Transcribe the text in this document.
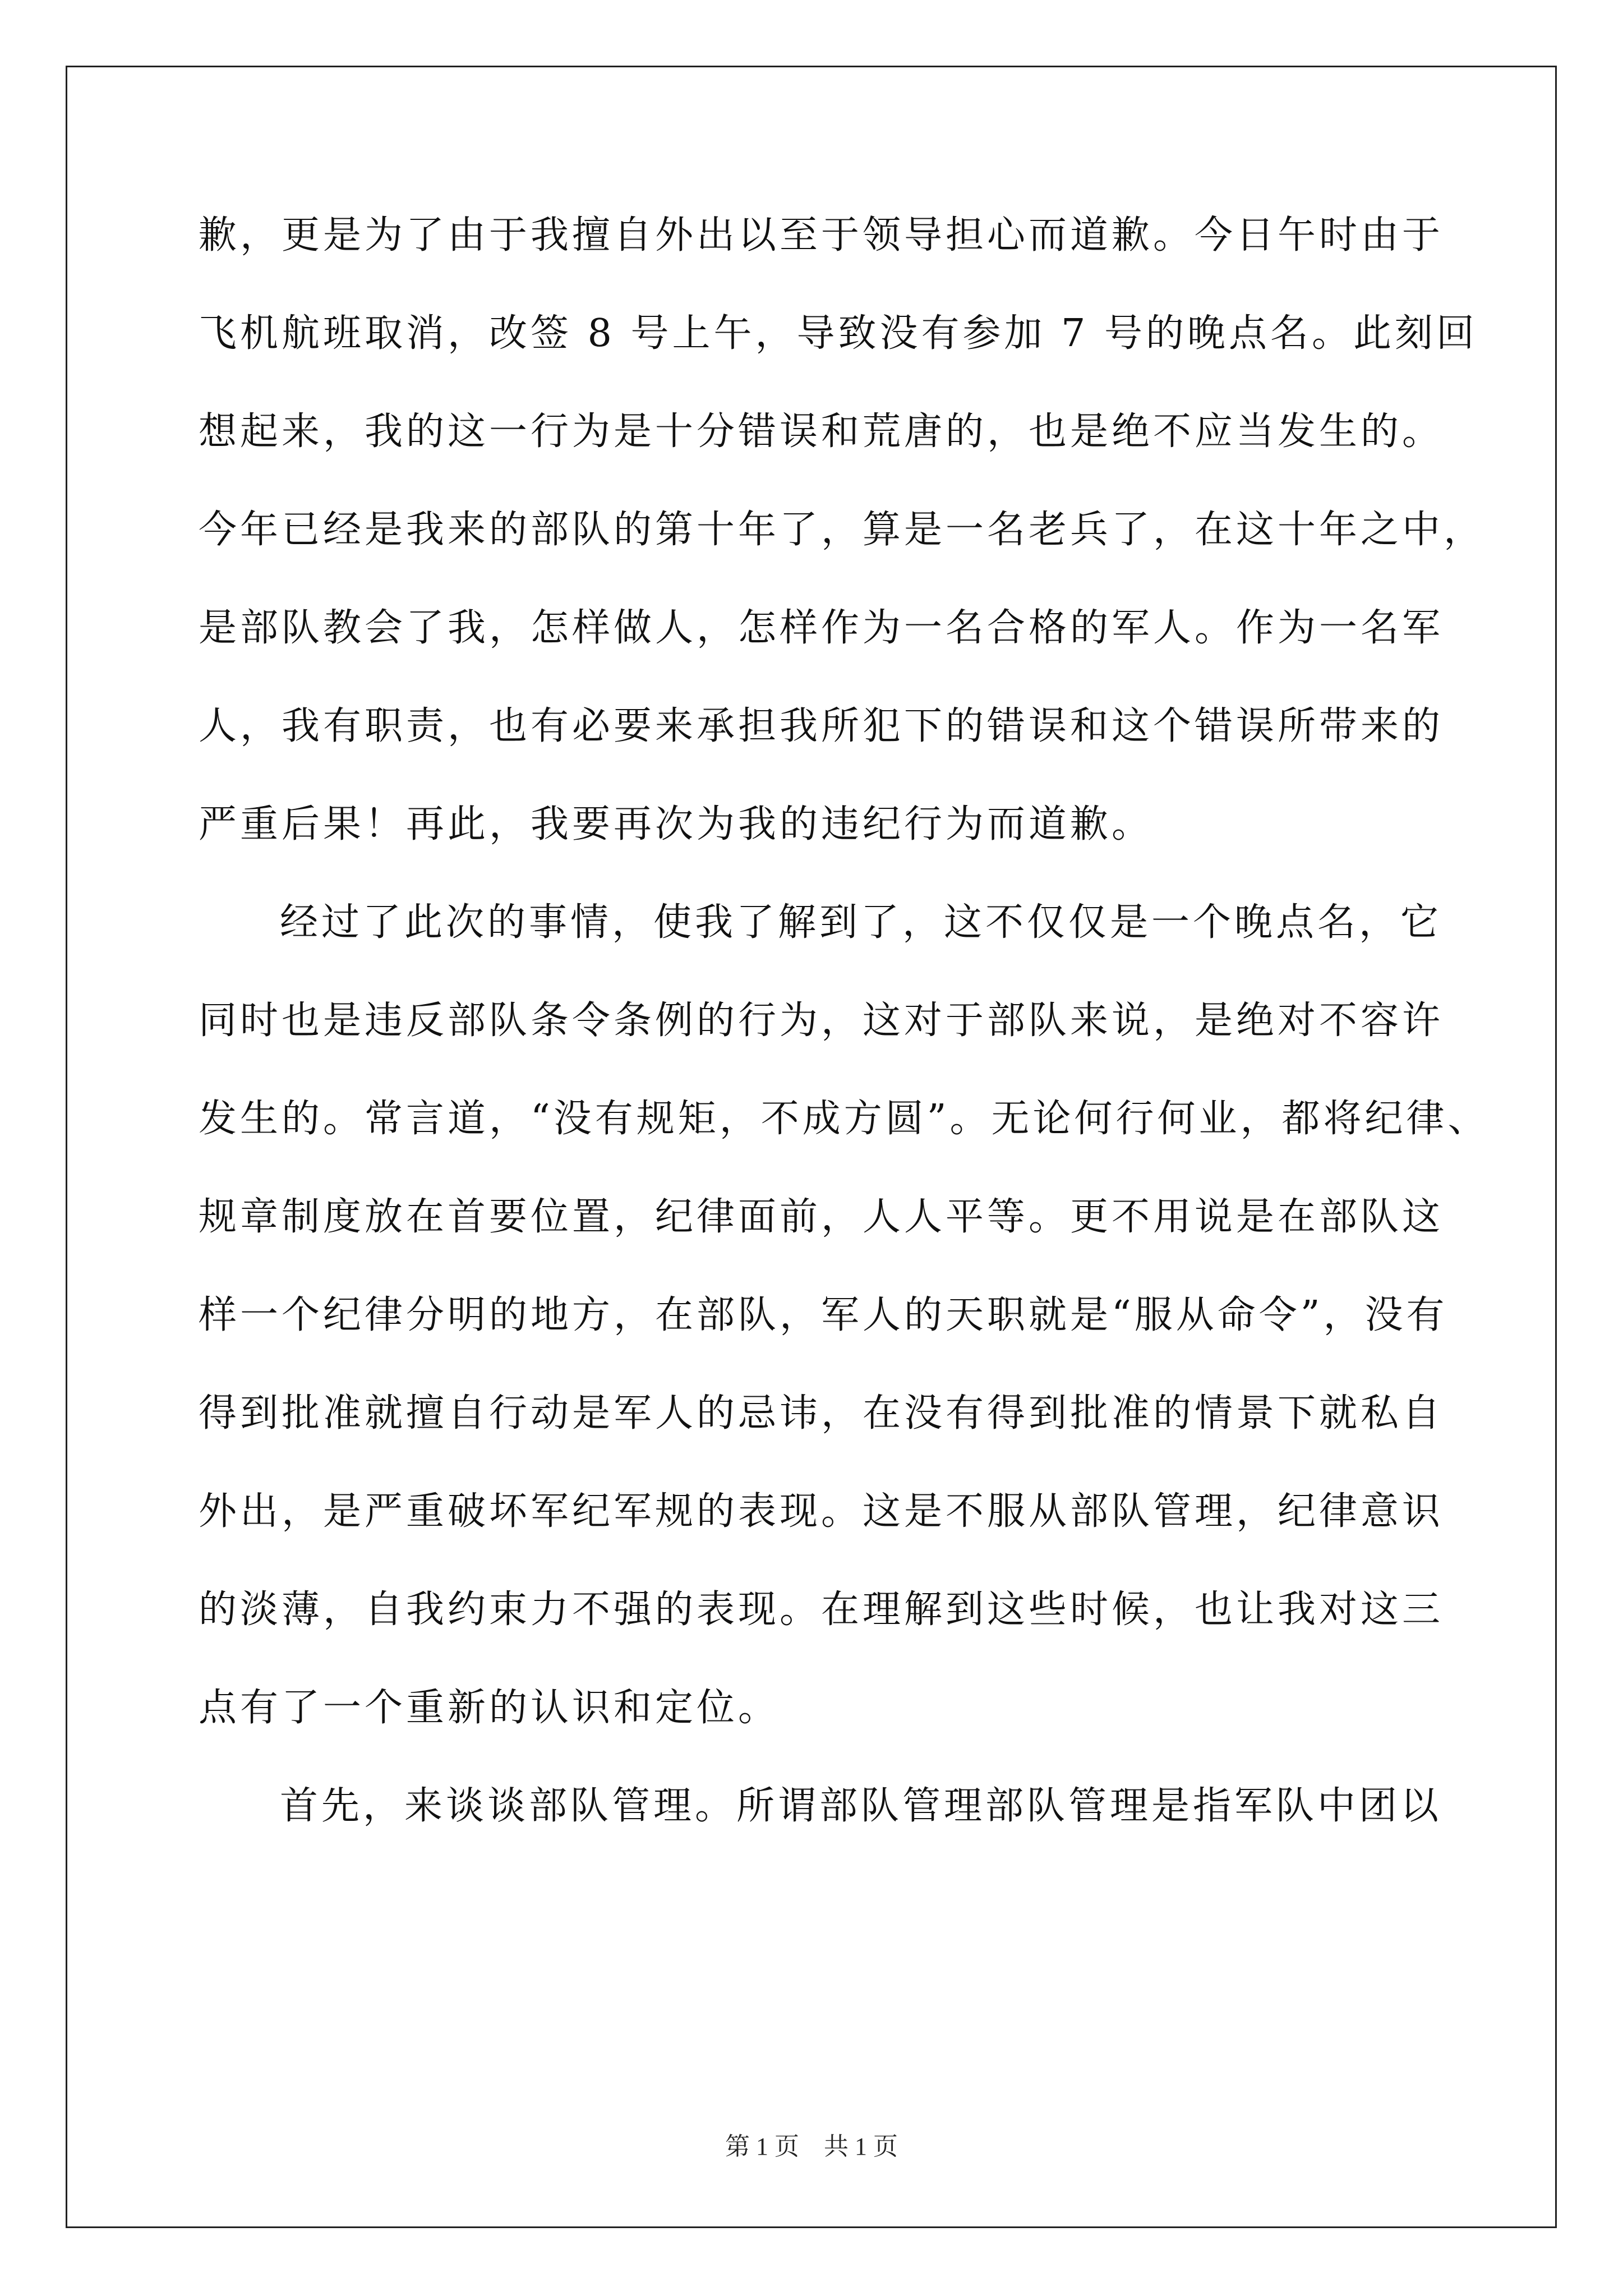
歉，更是为了由于我擅自外出以至于领导担心而道歉。今日午时由于
飞机航班取消，改签 8 号上午，导致没有参加 7 号的晚点名。此刻回
想起来，我的这一行为是十分错误和荒唐的，也是绝不应当发生的。
今年已经是我来的部队的第十年了，算是一名老兵了，在这十年之中，
是部队教会了我，怎样做人，怎样作为一名合格的军人。作为一名军
人，我有职责，也有必要来承担我所犯下的错误和这个错误所带来的
严重后果！再此，我要再次为我的违纪行为而道歉。
经过了此次的事情，使我了解到了，这不仅仅是一个晚点名，它
同时也是违反部队条令条例的行为，这对于部队来说，是绝对不容许
发生的。常言道，“没有规矩，不成方圆”。无论何行何业，都将纪律、
规章制度放在首要位置，纪律面前，人人平等。更不用说是在部队这
样一个纪律分明的地方，在部队，军人的天职就是“服从命令”，没有
得到批准就擅自行动是军人的忌讳，在没有得到批准的情景下就私自
外出，是严重破坏军纪军规的表现。这是不服从部队管理，纪律意识
的淡薄，自我约束力不强的表现。在理解到这些时候，也让我对这三
点有了一个重新的认识和定位。
首先，来谈谈部队管理。所谓部队管理部队管理是指军队中团以
第 1 页　共 1 页
